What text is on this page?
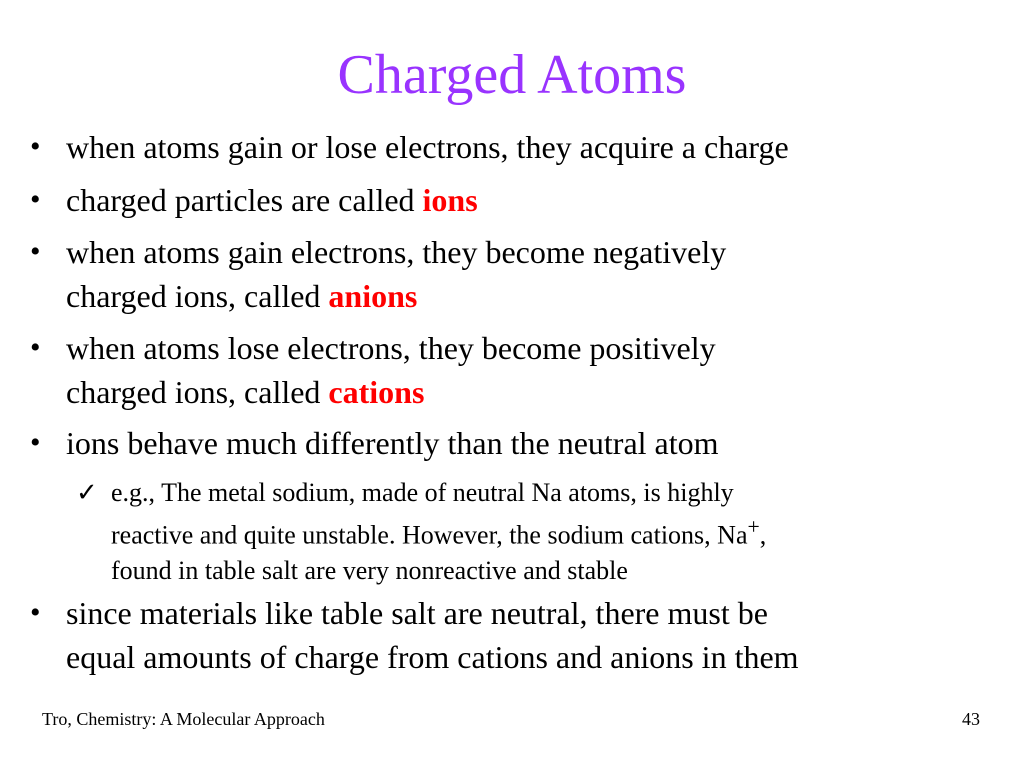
Charged Atoms
• when atoms gain or lose electrons, they acquire a charge
• charged particles are called ions
• when atoms gain electrons, they become negatively
charged ions, called anions
• when atoms lose electrons, they become positively
charged ions, called cations
• ions behave much differently than the neutral atom
✓ e.g., The metal sodium, made of neutral Na atoms, is highly
reactive and quite unstable. However, the sodium cations, Na+,
found in table salt are very nonreactive and stable
• since materials like table salt are neutral, there must be
equal amounts of charge from cations and anions in them
Tro, Chemistry: A Molecular Approach	43
